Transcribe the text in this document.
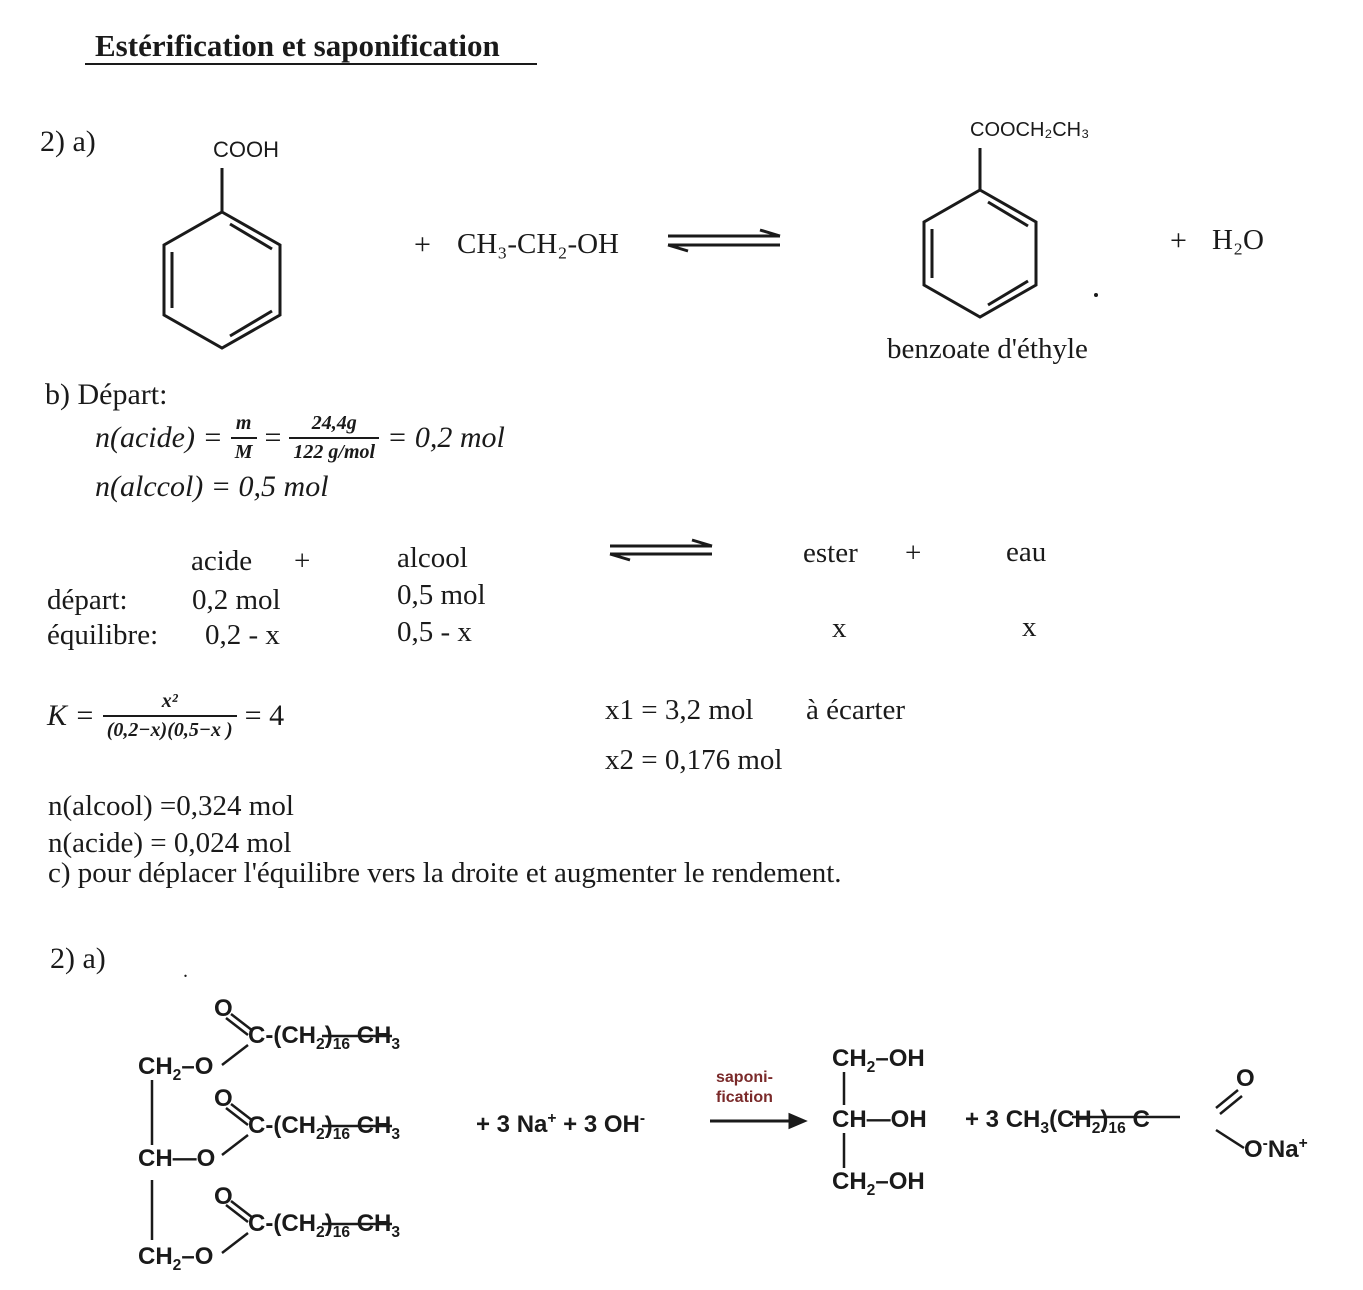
Estérification et saponification
2) a)	COOH
+ CH₃-CH₂-OH
COOCH₂CH₃
+ H₂O
benzoate d'éthyle
b) Départ:
n(acide) = $\frac{m}{M} = \frac{24,4g}{\text{122 g/mol}} = 0,2$ mol
n(alccol) = 0,5 mol
acide +	alcool	ester +	eau
départ: 0,2 mol	0,5 mol
équilibre: 0,2 - x	0,5 - x	x	x
$K = \frac{\text{x²}}{(0,2-x)(0,5-x )} = 4$	x1 = 3,2 mol à écarter
x2 = 0,176 mol
n(alcool) =0,324 mol
n(acide) = 0,024 mol
c) pour déplacer l'équilibre vers la droite et augmenter le rendement.
2) a)	.
O
$C-(CH_2)_{16}$ $CH_3$
$CH_2-O$
O
$C-(CH_2)_{16}$ $CH_3$
CH—O
+ 3 Na+ + 3 OH-
saponi-
fication
O
$C-(CH_2)_{16}$ $CH_3$
$CH_2-O$
$CH_2-OH$
CH—OH
$CH_2-OH$
+ 3 $CH_3(CH_2)_{16}$ C
O
O-Na+
